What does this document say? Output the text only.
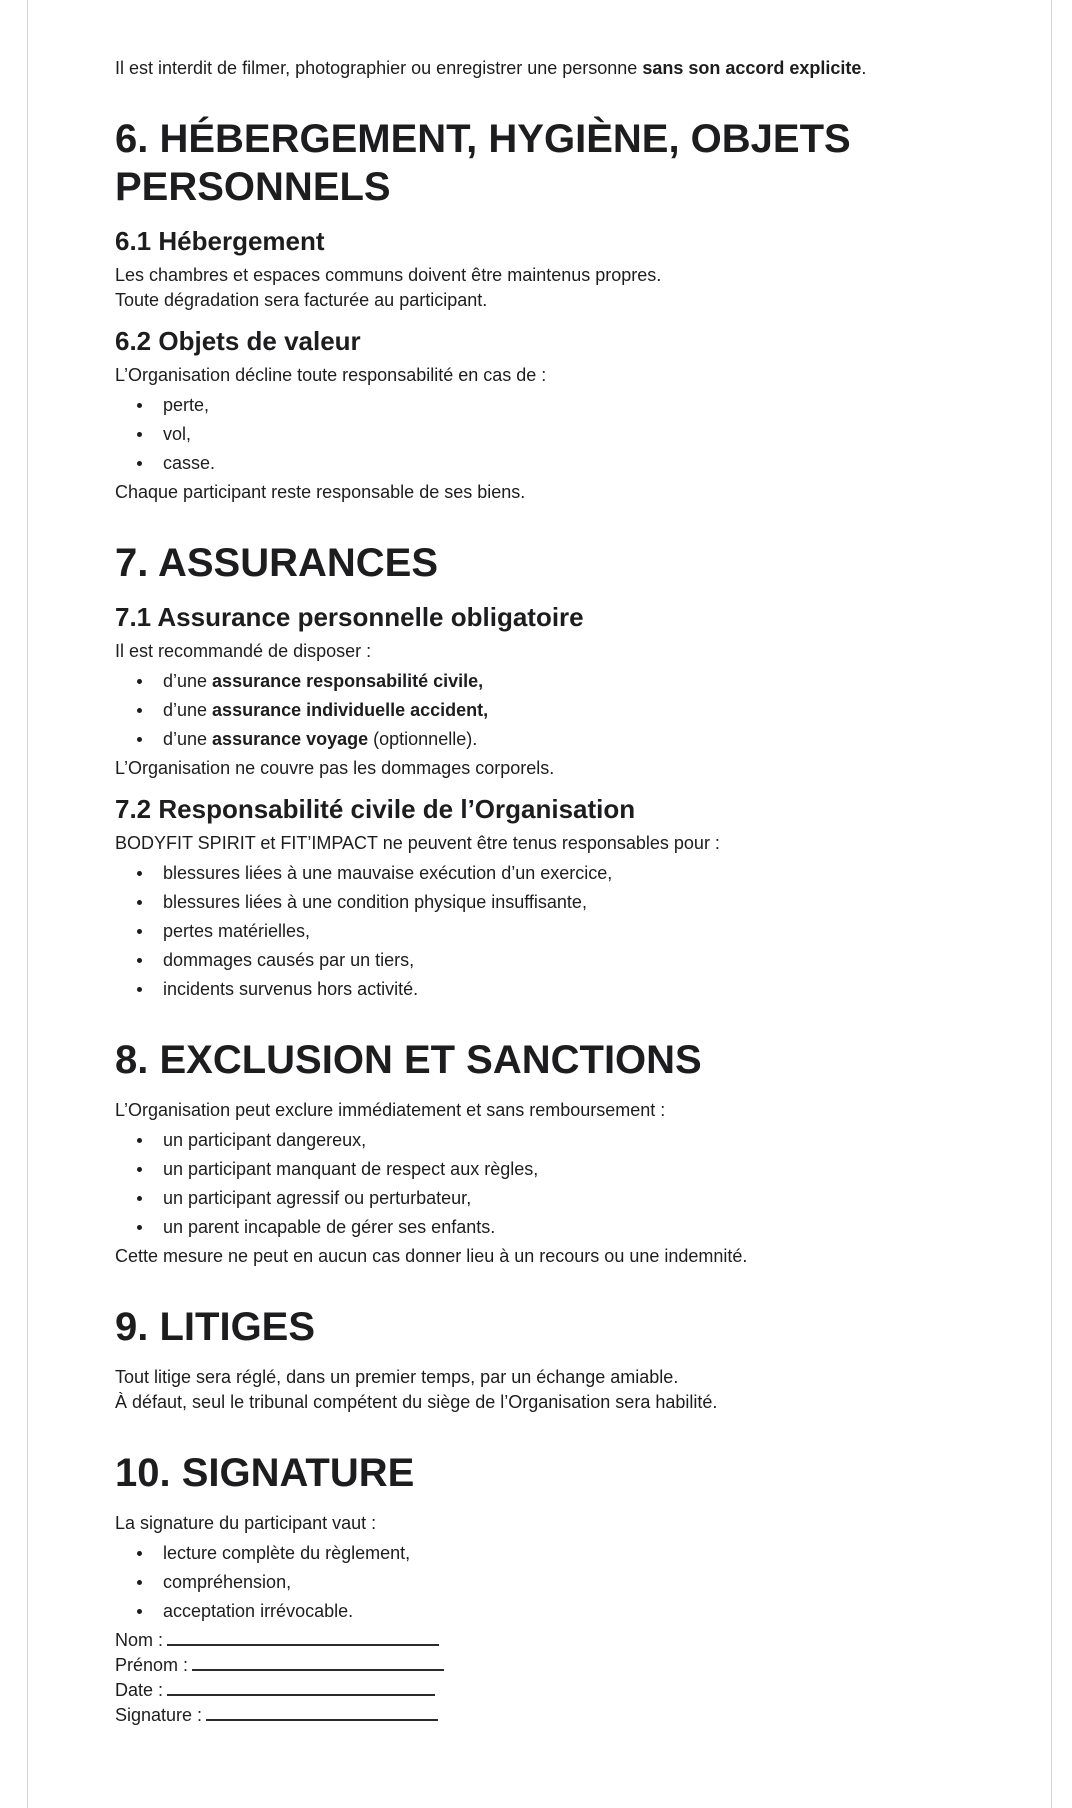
Il est interdit de filmer, photographier ou enregistrer une personne sans son accord explicite.

6. HÉBERGEMENT, HYGIÈNE, OBJETS PERSONNELS
6.1 Hébergement

Les chambres et espaces communs doivent être maintenus propres.
Toute dégradation sera facturée au participant.

6.2 Objets de valeur

L’Organisation décline toute responsabilité en cas de :

perte,
vol,
casse.

Chaque participant reste responsable de ses biens.

7. ASSURANCES
7.1 Assurance personnelle obligatoire

Il est recommandé de disposer :

d’une assurance responsabilité civile,
d’une assurance individuelle accident,
d’une assurance voyage (optionnelle).

L’Organisation ne couvre pas les dommages corporels.

7.2 Responsabilité civile de l’Organisation

BODYFIT SPIRIT et FIT’IMPACT ne peuvent être tenus responsables pour :

blessures liées à une mauvaise exécution d’un exercice,
blessures liées à une condition physique insuffisante,
pertes matérielles,
dommages causés par un tiers,
incidents survenus hors activité.
8. EXCLUSION ET SANCTIONS

L’Organisation peut exclure immédiatement et sans remboursement :

un participant dangereux,
un participant manquant de respect aux règles,
un participant agressif ou perturbateur,
un parent incapable de gérer ses enfants.

Cette mesure ne peut en aucun cas donner lieu à un recours ou une indemnité.

9. LITIGES

Tout litige sera réglé, dans un premier temps, par un échange amiable.
À défaut, seul le tribunal compétent du siège de l’Organisation sera habilité.

10. SIGNATURE

La signature du participant vaut :

lecture complète du règlement,
compréhension,
acceptation irrévocable.

Nom :

Prénom :

Date :

Signature :
